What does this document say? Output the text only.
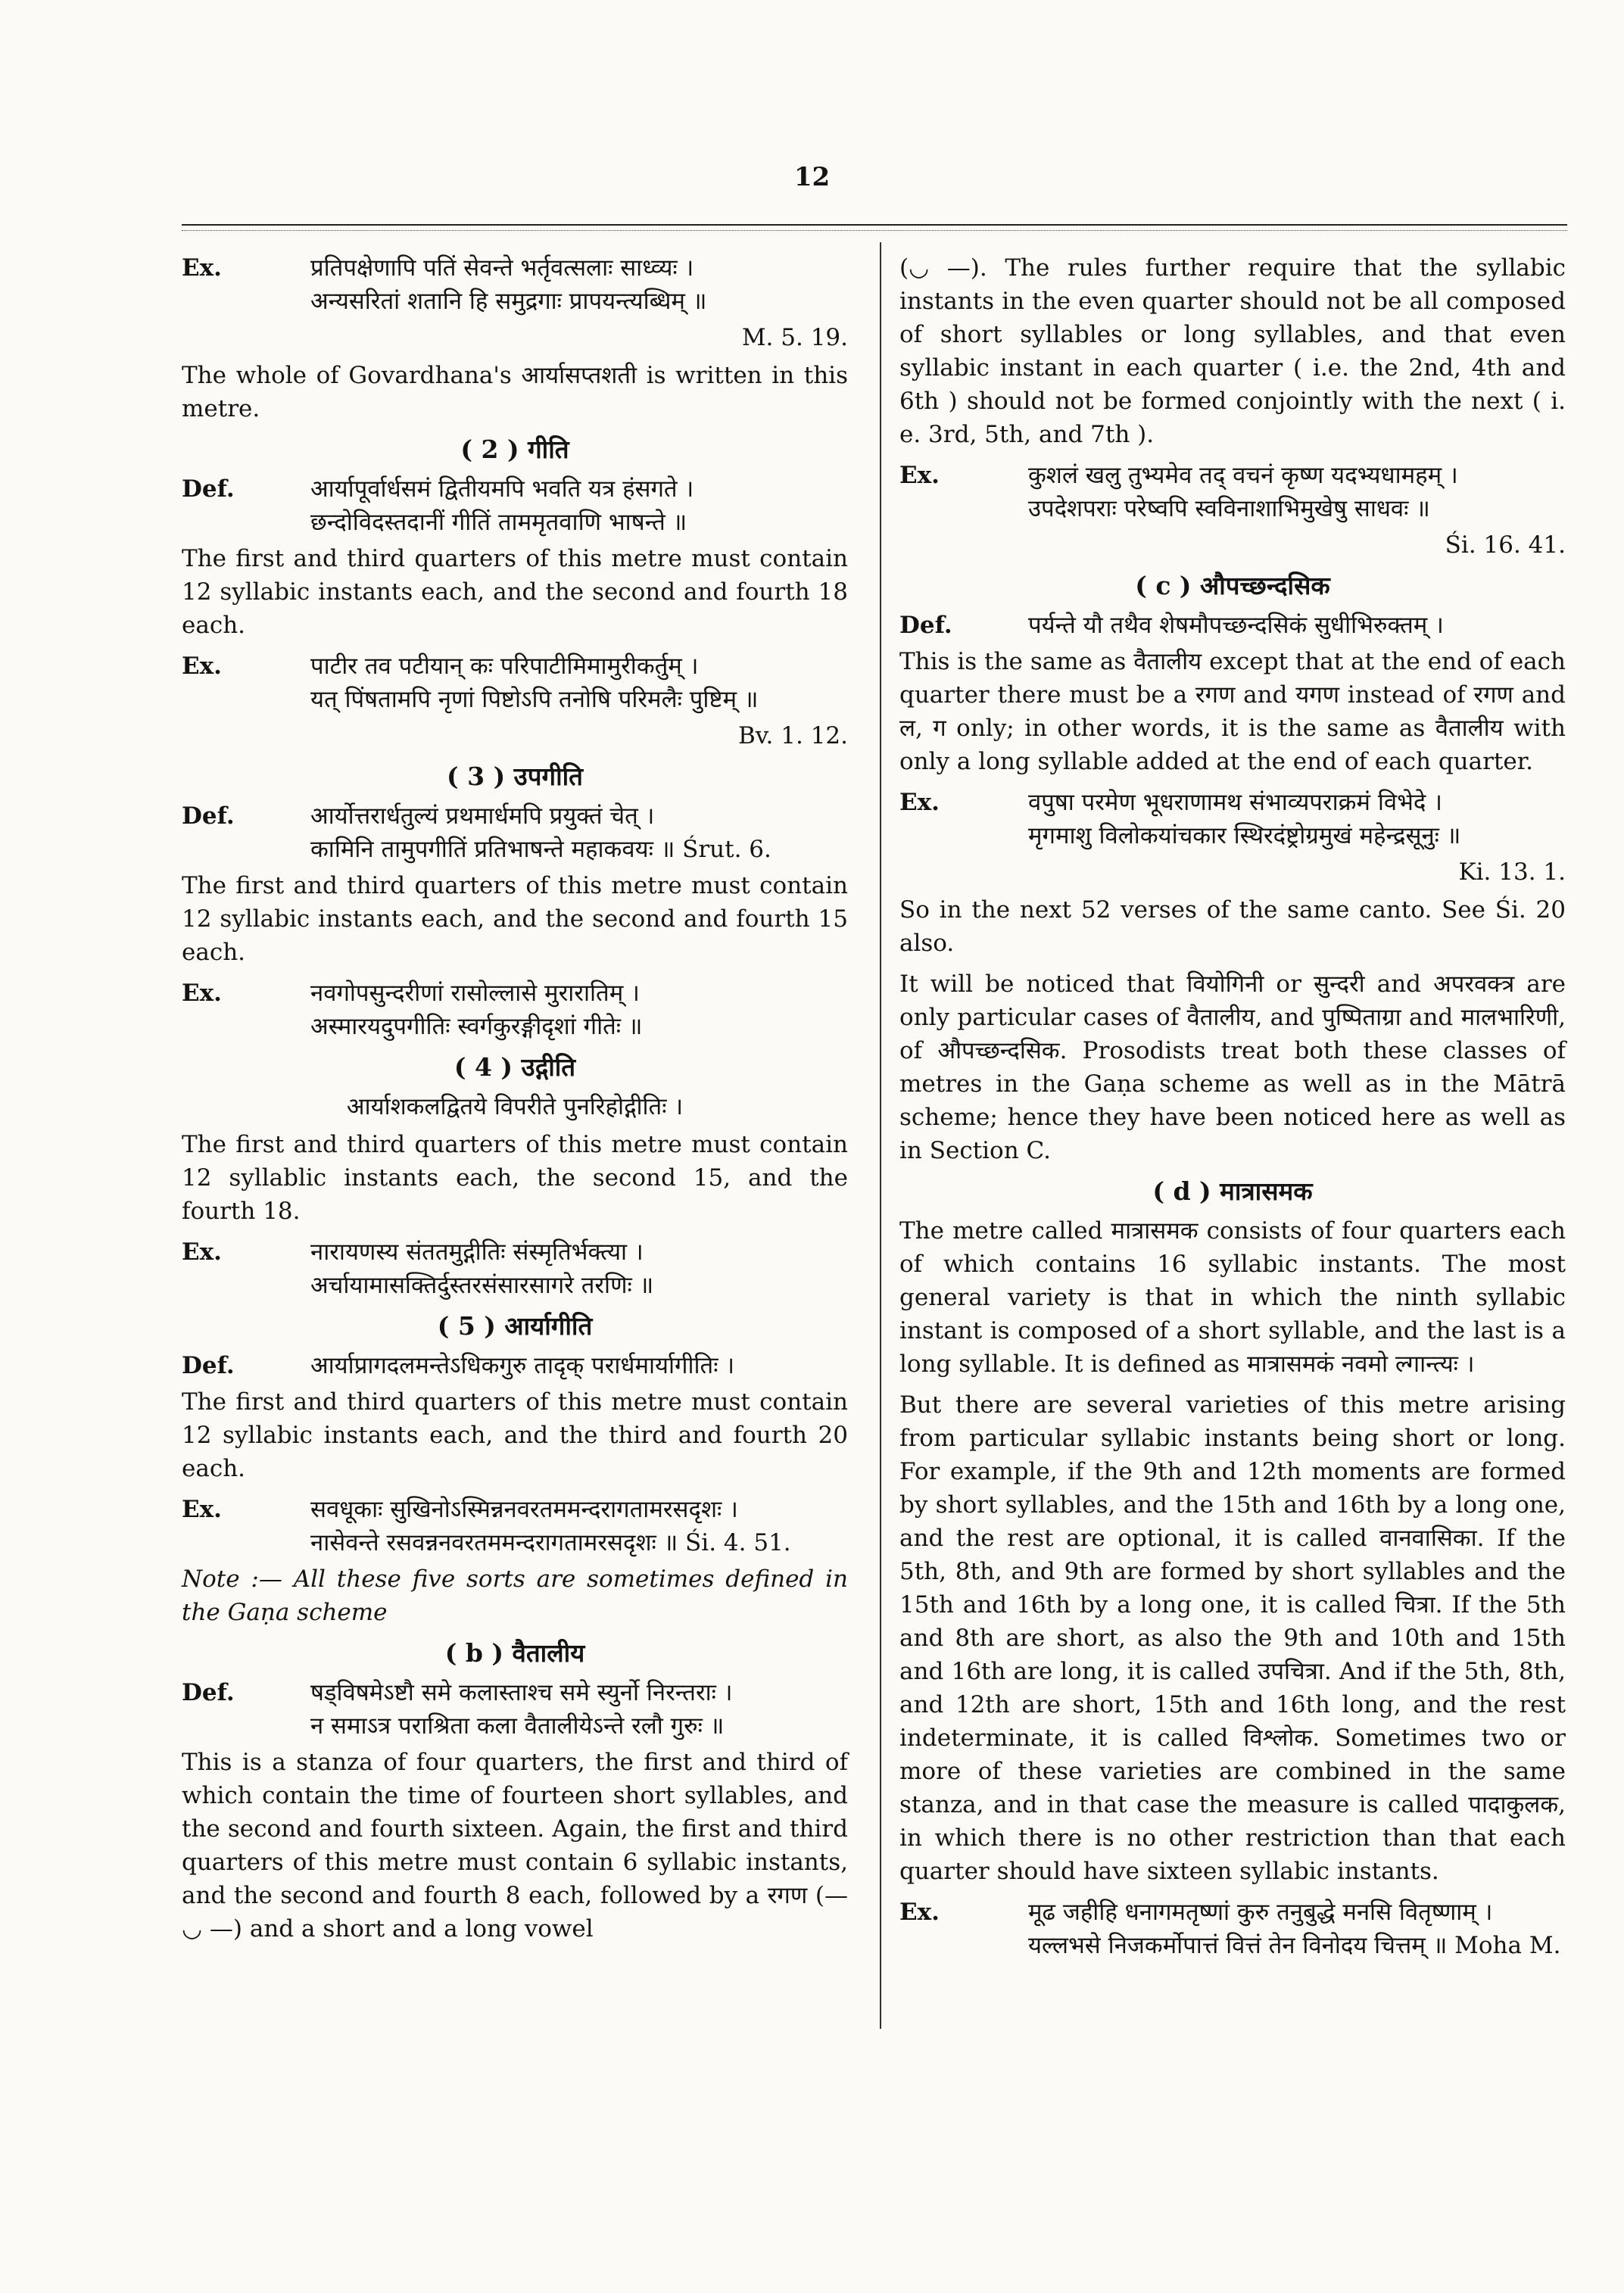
12
Ex.	प्रतिपक्षेणापि पतिं सेवन्ते भर्तृवत्सलाः साध्व्यः ।
अन्यसरितां शतानि हि समुद्रगाः प्रापयन्त्यब्धिम् ॥
M. 5. 19.

The whole of Govardhana's आर्यासप्तशती is written in this metre.

( 2 ) गीति
Def.	आर्यापूर्वार्धसमं द्वितीयमपि भवति यत्र हंसगते ।
छन्दोविदस्तदानीं गीतिं ताममृतवाणि भाषन्ते ॥

The first and third quarters of this metre must contain 12 syllabic instants each, and the second and fourth 18 each.

Ex.	पाटीर तव पटीयान् कः परिपाटीमिमामुरीकर्तुम् ।
यत् पिंषतामपि नृणां पिष्टोऽपि तनोषि परिमलैः पुष्टिम् ॥
Bv. 1. 12.
( 3 ) उपगीति
Def.	आर्योत्तरार्धतुल्यं प्रथमार्धमपि प्रयुक्तं चेत् ।
कामिनि तामुपगीतिं प्रतिभाषन्ते महाकवयः ॥ Śrut. 6.

The first and third quarters of this metre must contain 12 syllabic instants each, and the second and fourth 15 each.

Ex.	नवगोपसुन्दरीणां रासोल्लासे मुरारातिम् ।
अस्मारयदुपगीतिः स्वर्गकुरङ्गीदृशां गीतेः ॥
( 4 ) उद्गीति
आर्याशकलद्वितये विपरीते पुनरिहोद्गीतिः ।

The first and third quarters of this metre must contain 12 syllablic instants each, the second 15, and the fourth 18.

Ex.	नारायणस्य संततमुद्गीतिः संस्मृतिर्भक्त्या ।
अर्चायामासक्तिर्दुस्तरसंसारसागरे तरणिः ॥
( 5 ) आर्यागीति
Def.	आर्याप्रागदलमन्तेऽधिकगुरु तादृक् परार्धमार्यागीतिः ।

The first and third quarters of this metre must contain 12 syllabic instants each, and the third and fourth 20 each.

Ex.	सवधूकाः सुखिनोऽस्मिन्ननवरतममन्दरागतामरसदृशः ।
नासेवन्ते रसवन्ननवरतममन्दरागतामरसदृशः ॥ Śi. 4. 51.

Note :— All these five sorts are sometimes defined in the Gaṇa scheme

( b ) वैतालीय
Def.	षड्विषमेऽष्टौ समे कलास्ताश्च समे स्युर्नो निरन्तराः ।
न समाऽत्र पराश्रिता कला वैतालीयेऽन्ते रलौ गुरुः ॥

This is a stanza of four quarters, the first and third of which contain the time of fourteen short syllables, and the second and fourth sixteen. Again, the first and third quarters of this metre must contain 6 syllabic instants, and the second and fourth 8 each, followed by a रगण (— ◡ —) and a short and a long vowel

(◡ —). The rules further require that the syllabic instants in the even quarter should not be all composed of short syllables or long syllables, and that even syllabic instant in each quarter ( i.e. the 2nd, 4th and 6th ) should not be formed conjointly with the next ( i. e. 3rd, 5th, and 7th ).

Ex.	कुशलं खलु तुभ्यमेव तद् वचनं कृष्ण यदभ्यधामहम् ।
उपदेशपराः परेष्वपि स्वविनाशाभिमुखेषु साधवः ॥
Śi. 16. 41.
( c ) औपच्छन्दसिक
Def.	पर्यन्ते यौ तथैव शेषमौपच्छन्दसिकं सुधीभिरुक्तम् ।

This is the same as वैतालीय except that at the end of each quarter there must be a रगण and यगण instead of रगण and ल, ग only; in other words, it is the same as वैतालीय with only a long syllable added at the end of each quarter.

Ex.	वपुषा परमेण भूधराणामथ संभाव्यपराक्रमं विभेदे ।
मृगमाशु विलोकयांचकार स्थिरदंष्ट्रोग्रमुखं महेन्द्रसूनुः ॥
Ki. 13. 1.

So in the next 52 verses of the same canto. See Śi. 20 also.

It will be noticed that वियोगिनी or सुन्दरी and अपरवक्त्र are only particular cases of वैतालीय, and पुष्पिताग्रा and मालभारिणी, of औपच्छन्दसिक. Prosodists treat both these classes of metres in the Gaṇa scheme as well as in the Mātrā scheme; hence they have been noticed here as well as in Section C.

( d ) मात्रासमक

The metre called मात्रासमक consists of four quarters each of which contains 16 syllabic instants. The most general variety is that in which the ninth syllabic instant is composed of a short syllable, and the last is a long syllable. It is defined as मात्रासमकं नवमो ल्गान्त्यः ।

But there are several varieties of this metre arising from particular syllabic instants being short or long. For example, if the 9th and 12th moments are formed by short syllables, and the 15th and 16th by a long one, and the rest are optional, it is called वानवासिका. If the 5th, 8th, and 9th are formed by short syllables and the 15th and 16th by a long one, it is called चित्रा. If the 5th and 8th are short, as also the 9th and 10th and 15th and 16th are long, it is called उपचित्रा. And if the 5th, 8th, and 12th are short, 15th and 16th long, and the rest indeterminate, it is called विश्लोक. Sometimes two or more of these varieties are combined in the same stanza, and in that case the measure is called पादाकुलक, in which there is no other restriction than that each quarter should have sixteen syllabic instants.

Ex.	मूढ जहीहि धनागमतृष्णां कुरु तनुबुद्धे मनसि वितृष्णाम् ।
यल्लभसे निजकर्मोपात्तं वित्तं तेन विनोदय चित्तम् ॥ Moha M.
